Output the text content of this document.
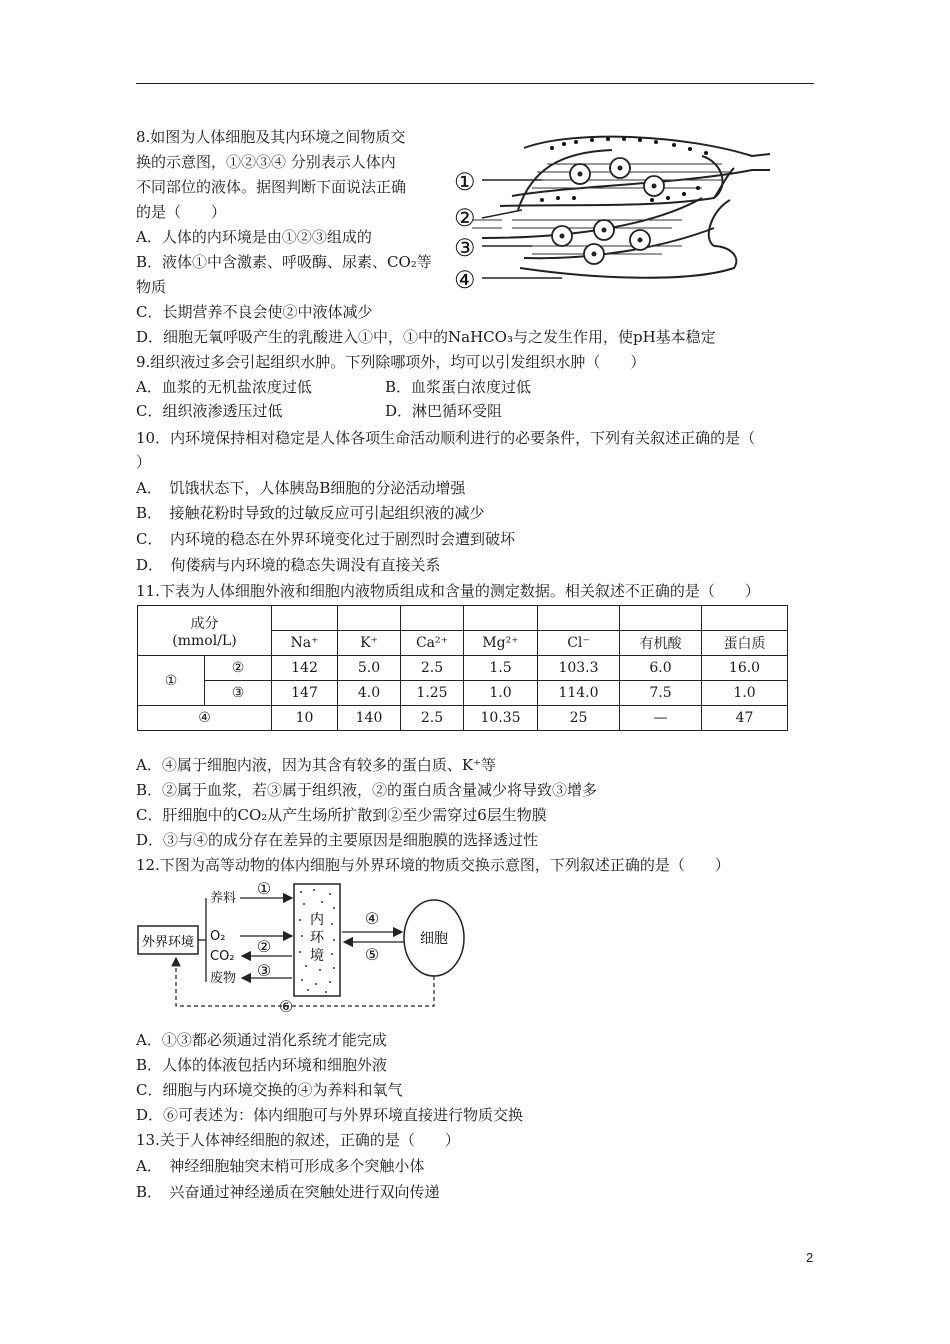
8.如图为人体细胞及其内环境之间物质交
换的示意图，①②③④ 分别表示人体内
不同部位的液体。据图判断下面说法正确
的是（　　）
A．人体的内环境是由①②③组成的
B．液体①中含激素、呼吸酶、尿素、CO₂等
物质
C．长期营养不良会使②中液体减少
D．细胞无氧呼吸产生的乳酸进入①中，①中的NaHCO₃与之发生作用，使pH基本稳定
①
②
③
④
9.组织液过多会引起组织水肿。下列除哪项外，均可以引发组织水肿（　　）
A．血浆的无机盐浓度过低	B．血浆蛋白浓度过低
C．组织液渗透压过低	D．淋巴循环受阻
10．内环境保持相对稳定是人体各项生命活动顺利进行的必要条件，下列有关叙述正确的是（
）
A．　饥饿状态下，人体胰岛B细胞的分泌活动增强
B．　接触花粉时导致的过敏反应可引起组织液的减少
C．　内环境的稳态在外界环境变化过于剧烈时会遭到破坏
D．　佝偻病与内环境的稳态失调没有直接关系
11.下表为人体细胞外液和细胞内液物质组成和含量的测定数据。相关叙述不正确的是（　　）
成分
(mmol/L)								

		Na⁺	K⁺	Ca²⁺	Mg²⁺	Cl⁻	有机酸	蛋白质
①	②	142	5.0	2.5	1.5	103.3	6.0	16.0
	③	147	4.0	1.25	1.0	114.0	7.5	1.0
④		10	140	2.5	10.35	25	—	47
A．④属于细胞内液，因为其含有较多的蛋白质、K⁺等
B．②属于血浆，若③属于组织液，②的蛋白质含量减少将导致③增多
C．肝细胞中的CO₂从产生场所扩散到②至少需穿过6层生物膜
D．③与④的成分存在差异的主要原因是细胞膜的选择透过性
12.下图为高等动物的体内细胞与外界环境的物质交换示意图，下列叙述正确的是（　　）
外界环境
内环境
养料
O₂
CO₂
废物
细胞
①
②
③
④
⑤
⑥
A．①③都必须通过消化系统才能完成
B．人体的体液包括内环境和细胞外液
C．细胞与内环境交换的④为养料和氧气
D．⑥可表述为：体内细胞可与外界环境直接进行物质交换
13.关于人体神经细胞的叙述，正确的是（　　）
A．　神经细胞轴突末梢可形成多个突触小体
B．　兴奋通过神经递质在突触处进行双向传递
2
